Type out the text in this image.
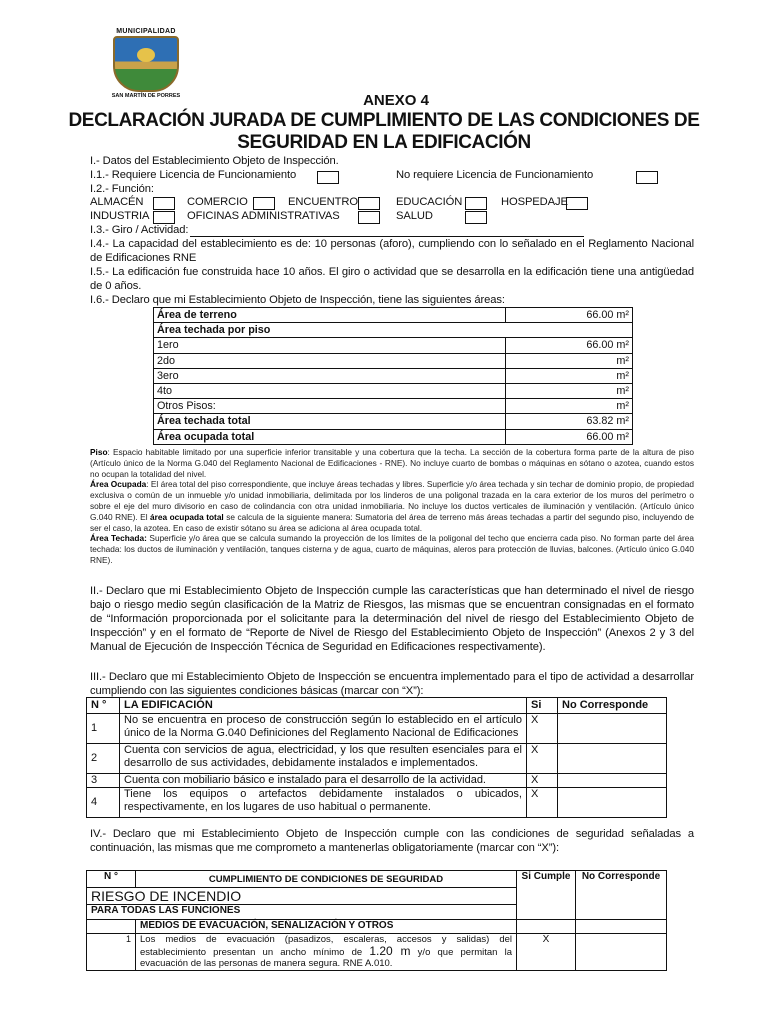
MUNICIPALIDAD
SAN MARTÍN DE PORRES	ANEXO 4
DECLARACIÓN JURADA DE CUMPLIMIENTO DE LAS CONDICIONES DE
SEGURIDAD EN LA EDIFICACIÓN
I.- Datos del Establecimiento Objeto de Inspección.
I.1.- Requiere Licencia de Funcionamiento	No requiere Licencia de Funcionamiento
I.2.- Función:
ALMACÉN	COMERCIO	ENCUENTRO	EDUCACIÓN	HOSPEDAJE
INDUSTRIA	OFICINAS ADMINISTRATIVAS	SALUD
I.3.- Giro / Actividad:
I.4.- La capacidad del establecimiento es de: 10 personas (aforo), cumpliendo con lo señalado en el Reglamento Nacional de Edificaciones RNE
I.5.- La edificación fue construida hace 10 años. El giro o actividad que se desarrolla en la edificación tiene una antigüedad de 0 años.
I.6.- Declaro que mi Establecimiento Objeto de Inspección, tiene las siguientes áreas:
Área de terreno	66.00 m²
Área techada por piso	
1ero	66.00 m²
2do	m²
3ero	m²
4to	m²
Otros Pisos:	m²
Área techada total	63.82 m²
Área ocupada total	66.00 m²
Piso: Espacio habitable limitado por una superficie inferior transitable y una cobertura que la techa. La sección de la cobertura forma parte de la altura de piso (Artículo único de la Norma G.040 del Reglamento Nacional de Edificaciones - RNE). No incluye cuarto de bombas o máquinas en sótano o azotea, cuando estos no ocupan la totalidad del nivel.
Área Ocupada: El área total del piso correspondiente, que incluye áreas techadas y libres. Superficie y/o área techada y sin techar de dominio propio, de propiedad exclusiva o común de un inmueble y/o unidad inmobiliaria, delimitada por los linderos de una poligonal trazada en la cara exterior de los muros del perímetro o sobre el eje del muro divisorio en caso de colindancia con otra unidad inmobiliaria. No incluye los ductos verticales de iluminación y ventilación. (Artículo único G.040 RNE). El área ocupada total se calcula de la siguiente manera: Sumatoria del área de terreno más áreas techadas a partir del segundo piso, incluyendo de ser el caso, la azotea. En caso de existir sótano su área se adiciona al área ocupada total.
Área Techada: Superficie y/o área que se calcula sumando la proyección de los límites de la poligonal del techo que encierra cada piso. No forman parte del área techada: los ductos de iluminación y ventilación, tanques cisterna y de agua, cuarto de máquinas, aleros para protección de lluvias, balcones. (Artículo único G.040 RNE).
II.- Declaro que mi Establecimiento Objeto de Inspección cumple las características que han determinado el nivel de riesgo bajo o riesgo medio según clasificación de la Matriz de Riesgos, las mismas que se encuentran consignadas en el formato de “Información proporcionada por el solicitante para la determinación del nivel de riesgo del Establecimiento Objeto de Inspección” y en el formato de “Reporte de Nivel de Riesgo del Establecimiento Objeto de Inspección” (Anexos 2 y 3 del Manual de Ejecución de Inspección Técnica de Seguridad en Edificaciones respectivamente).
III.- Declaro que mi Establecimiento Objeto de Inspección se encuentra implementado para el tipo de actividad a desarrollar cumpliendo con las siguientes condiciones básicas (marcar con “X”):
N °	LA EDIFICACIÓN	Si	No Corresponde
1	No se encuentra en proceso de construcción según lo establecido en el artículo único de la Norma G.040 Definiciones del Reglamento Nacional de Edificaciones	X	
2	Cuenta con servicios de agua, electricidad, y los que resulten esenciales para el desarrollo de sus actividades, debidamente instalados e implementados.	X	
3	Cuenta con mobiliario básico e instalado para el desarrollo de la actividad.	X	
4	Tiene los equipos o artefactos debidamente instalados o ubicados, respectivamente, en los lugares de uso habitual o permanente.	X	
IV.- Declaro que mi Establecimiento Objeto de Inspección cumple con las condiciones de seguridad señaladas a continuación, las mismas que me comprometo a mantenerlas obligatoriamente (marcar con “X”):
N °	CUMPLIMIENTO DE CONDICIONES DE SEGURIDAD	Si Cumple	No Corresponde
RIESGO DE INCENDIO			
PARA TODAS LAS FUNCIONES			
	MEDIOS DE EVACUACIÓN, SEÑALIZACIÓN Y OTROS		
1	Los medios de evacuación (pasadizos, escaleras, accesos y salidas) del establecimiento presentan un ancho mínimo de 1.20 m y/o que permitan la evacuación de las personas de manera segura. RNE A.010.	X	
